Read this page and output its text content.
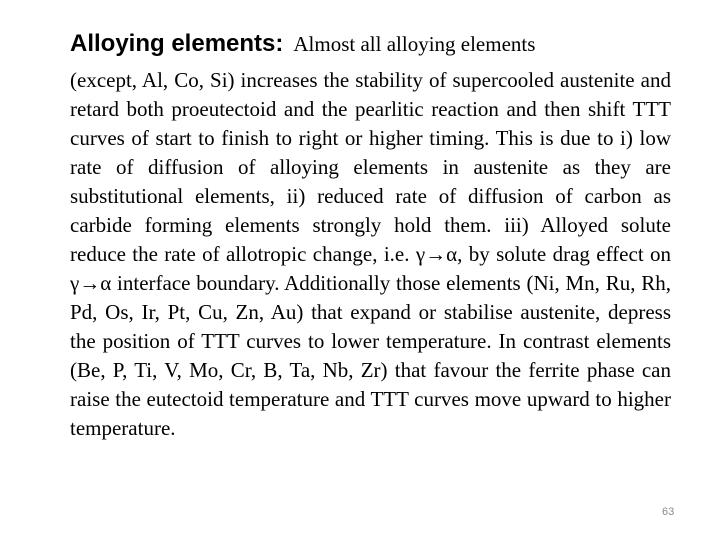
Alloying elements: Almost all alloying elements
(except, Al, Co, Si) increases the stability of supercooled austenite and retard both proeutectoid and the pearlitic reaction and then shift TTT curves of start to finish to right or higher timing. This is due to i) low rate of diffusion of alloying elements in austenite as they are substitutional elements, ii) reduced rate of diffusion of carbon as carbide forming elements strongly hold them. iii) Alloyed solute reduce the rate of allotropic change, i.e. γ→α, by solute drag effect on γ→α interface boundary. Additionally those elements (Ni, Mn, Ru, Rh, Pd, Os, Ir, Pt, Cu, Zn, Au) that expand or stabilise austenite, depress the position of TTT curves to lower temperature. In contrast elements (Be, P, Ti, V, Mo, Cr, B, Ta, Nb, Zr) that favour the ferrite phase can raise the eutectoid temperature and TTT curves move upward to higher temperature.
63
